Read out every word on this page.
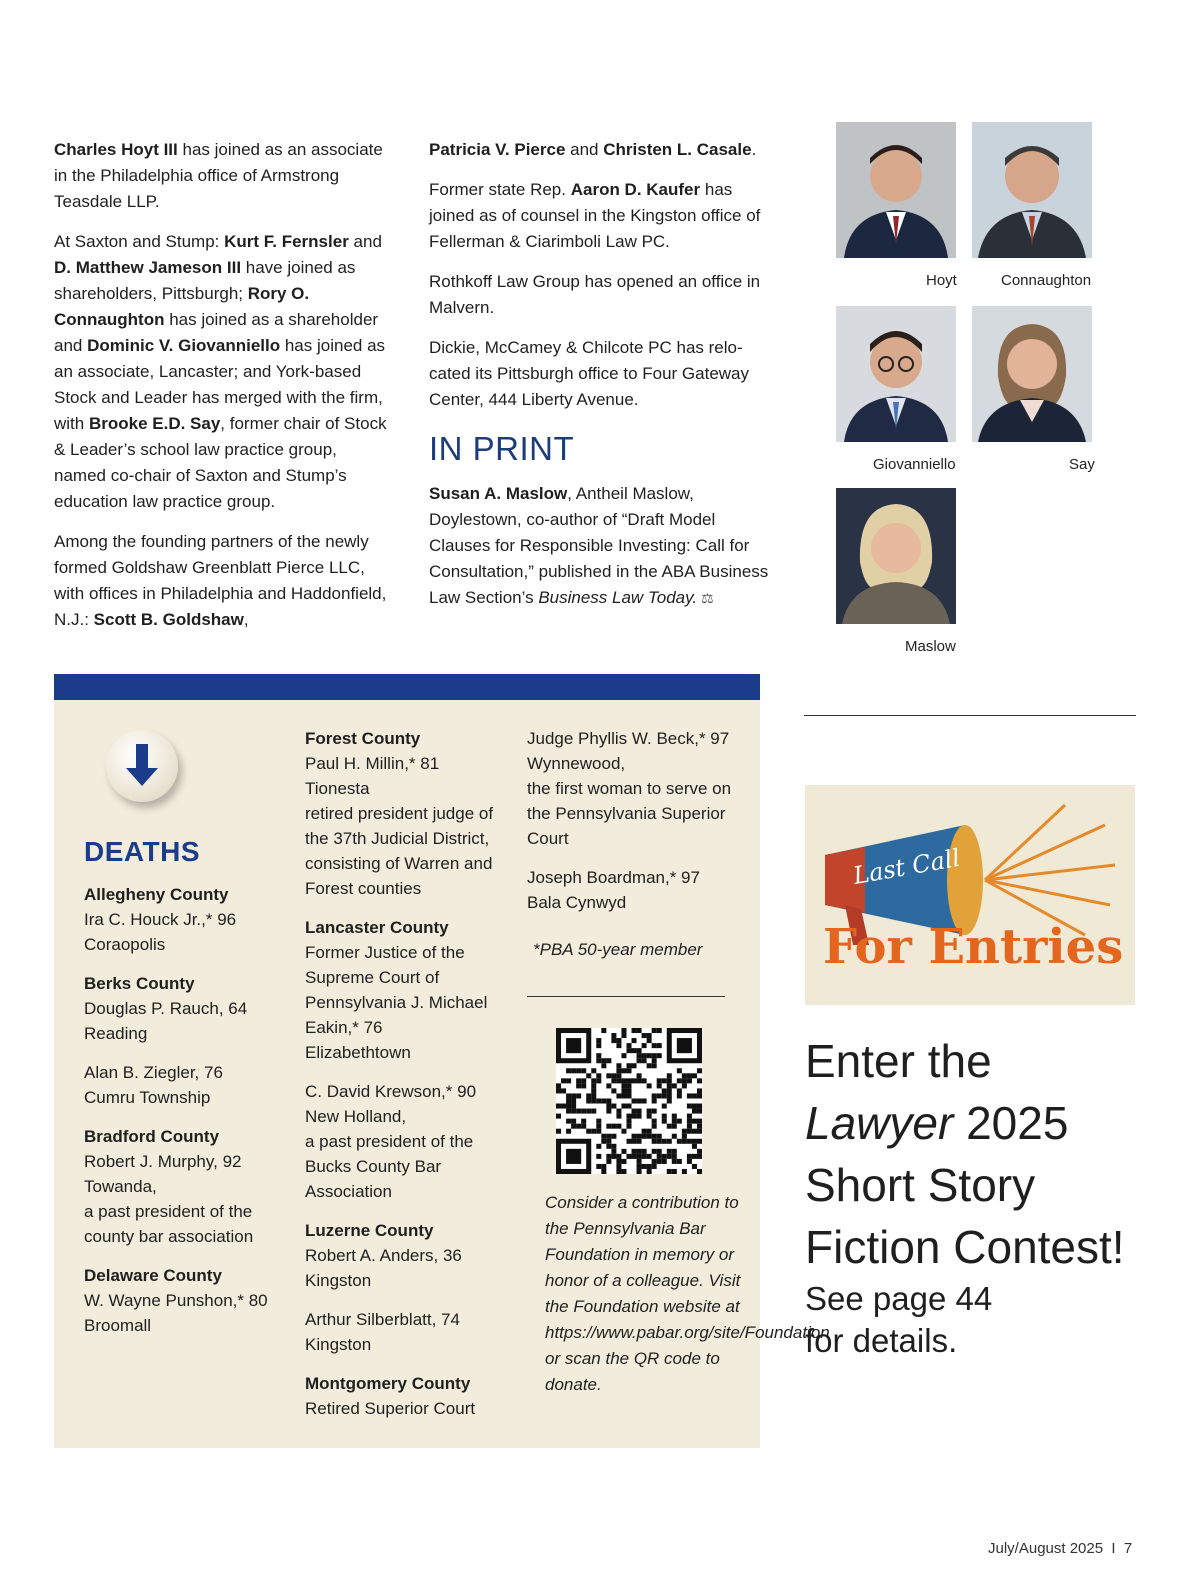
Charles Hoyt III has joined as an associate in the Philadelphia office of Armstrong Teasdale LLP.

At Saxton and Stump: Kurt F. Fernsler and D. Matthew Jameson III have joined as shareholders, Pittsburgh; Rory O. Connaughton has joined as a shareholder and Dominic V. Giovanniello has joined as an associate, Lancaster; and York-based Stock and Leader has merged with the firm, with Brooke E.D. Say, former chair of Stock & Leader’s school law practice group, named co-chair of Saxton and Stump’s education law practice group.

Among the founding partners of the newly formed Goldshaw Greenblatt Pierce LLC, with offices in Philadelphia and Haddonfield, N.J.: Scott B. Goldshaw,

Patricia V. Pierce and Christen L. Casale.

Former state Rep. Aaron D. Kaufer has joined as of counsel in the Kingston office of Fellerman & Ciarimboli Law PC.

Rothkoff Law Group has opened an office in Malvern.

Dickie, McCamey & Chilcote PC has relo-cated its Pittsburgh office to Four Gateway Center, 444 Liberty Avenue.

IN PRINT

Susan A. Maslow, Antheil Maslow, Doylestown, co-author of “Draft Model Clauses for Responsible Investing: Call for Consultation,” published in the ABA Business Law Section’s Business Law Today. ⚖

Hoyt	Connaughton
Giovanniello	Say
Maslow
DEATHS
Allegheny County
Ira C. Houck Jr.,* 96
Coraopolis
Berks County
Douglas P. Rauch, 64
Reading
Alan B. Ziegler, 76
Cumru Township
Bradford County
Robert J. Murphy, 92
Towanda,
a past president of the county bar association
Delaware County
W. Wayne Punshon,* 80
Broomall
Forest County
Paul H. Millin,* 81
Tionesta
retired president judge of the 37th Judicial District, consisting of Warren and Forest counties
Lancaster County
Former Justice of the Supreme Court of Pennsylvania J. Michael Eakin,* 76
Elizabethtown
C. David Krewson,* 90
New Holland,
a past president of the Bucks County Bar Association
Luzerne County
Robert A. Anders, 36
Kingston
Arthur Silberblatt, 74
Kingston
Montgomery County
Retired Superior Court
Judge Phyllis W. Beck,* 97
Wynnewood,
the first woman to serve on the Pennsylvania Superior Court
Joseph Boardman,* 97
Bala Cynwyd
*PBA 50-year member
Consider a contribution to the Pennsylvania Bar Foundation in memory or honor of a colleague. Visit the Foundation website at https://www.pabar.org/site/Foundation or scan the QR code to donate.
Last Call
For Entries
Enter the
Lawyer 2025
Short Story
Fiction Contest!
See page 44
for details.
July/August 2025  I  7
